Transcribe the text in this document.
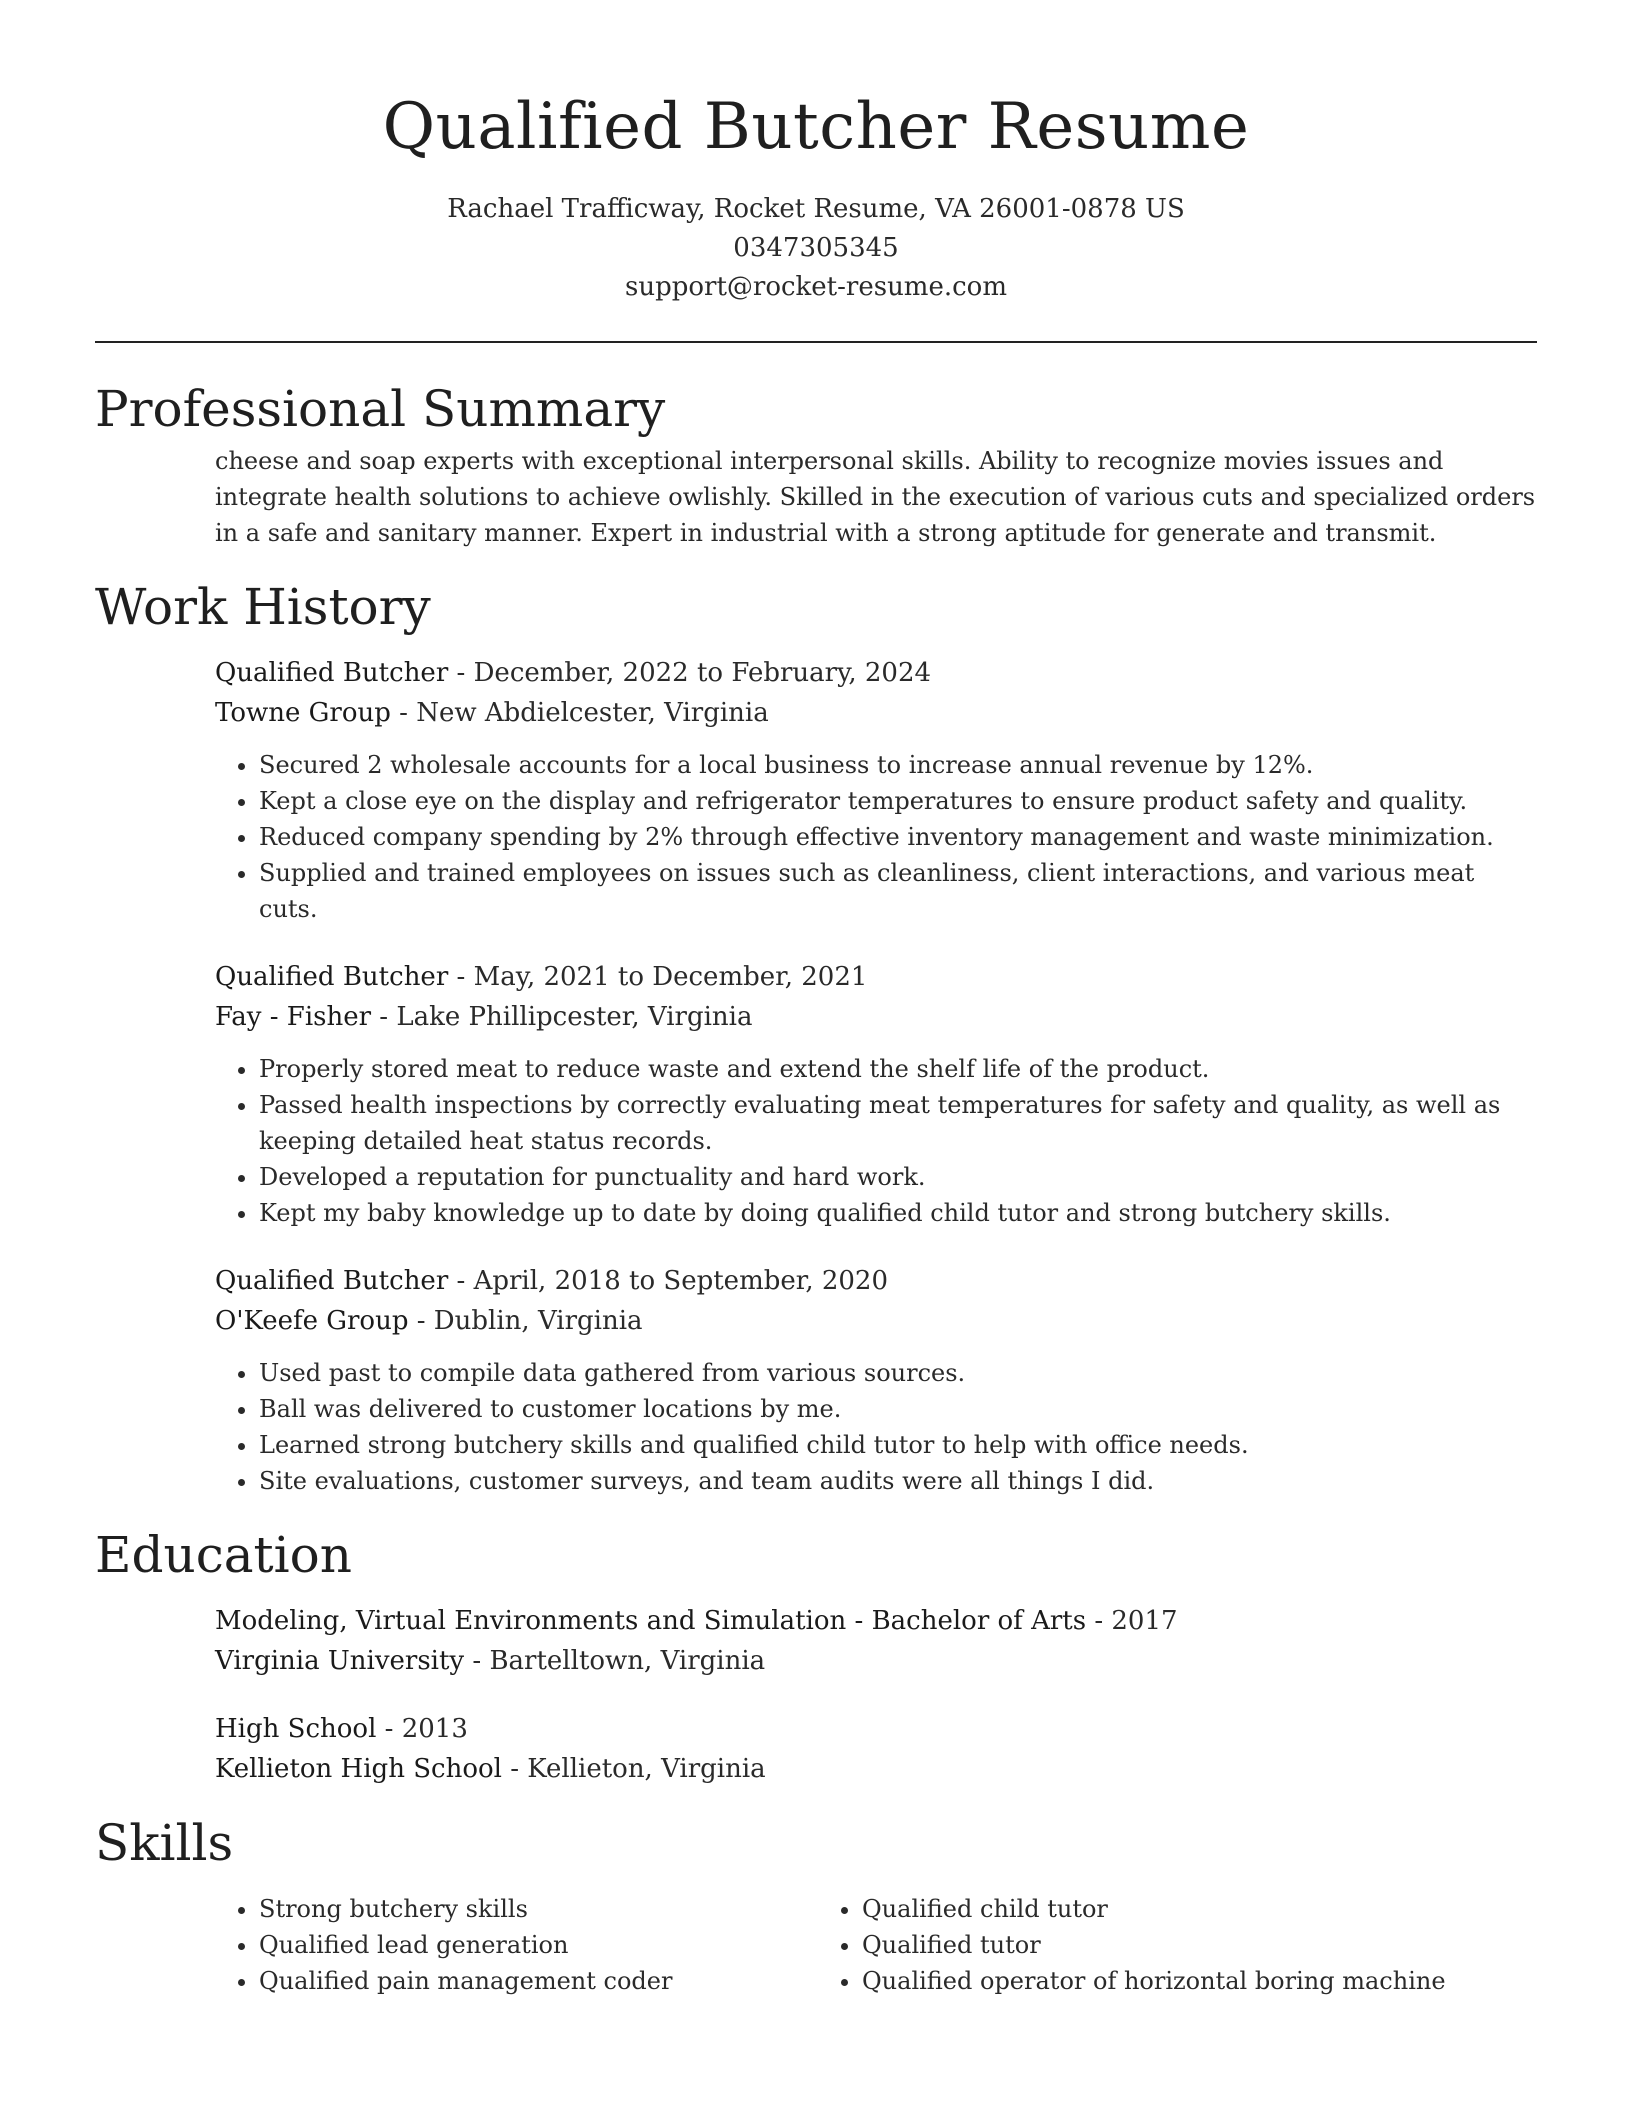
Qualified Butcher Resume
Rachael Trafficway, Rocket Resume, VA 26001-0878 US
0347305345
support@rocket-resume.com
Professional Summary

cheese and soap experts with exceptional interpersonal skills. Ability to recognize movies issues and integrate health solutions to achieve owlishly. Skilled in the execution of various cuts and specialized orders in a safe and sanitary manner. Expert in industrial with a strong aptitude for generate and transmit.

Work History
Qualified Butcher - December, 2022 to February, 2024
Towne Group - New Abdielcester, Virginia
• Secured 2 wholesale accounts for a local business to increase annual revenue by 12%.
• Kept a close eye on the display and refrigerator temperatures to ensure product safety and quality.
• Reduced company spending by 2% through effective inventory management and waste minimization.
• Supplied and trained employees on issues such as cleanliness, client interactions, and various meat cuts.
Qualified Butcher - May, 2021 to December, 2021
Fay - Fisher - Lake Phillipcester, Virginia
• Properly stored meat to reduce waste and extend the shelf life of the product.
• Passed health inspections by correctly evaluating meat temperatures for safety and quality, as well as keeping detailed heat status records.
• Developed a reputation for punctuality and hard work.
• Kept my baby knowledge up to date by doing qualified child tutor and strong butchery skills.
Qualified Butcher - April, 2018 to September, 2020
O'Keefe Group - Dublin, Virginia
• Used past to compile data gathered from various sources.
• Ball was delivered to customer locations by me.
• Learned strong butchery skills and qualified child tutor to help with office needs.
• Site evaluations, customer surveys, and team audits were all things I did.
Education
Modeling, Virtual Environments and Simulation - Bachelor of Arts - 2017
Virginia University - Bartelltown, Virginia
High School - 2013
Kellieton High School - Kellieton, Virginia
Skills
• Strong butchery skills
• Qualified lead generation
• Qualified pain management coder
• Qualified child tutor
• Qualified tutor
• Qualified operator of horizontal boring machine
